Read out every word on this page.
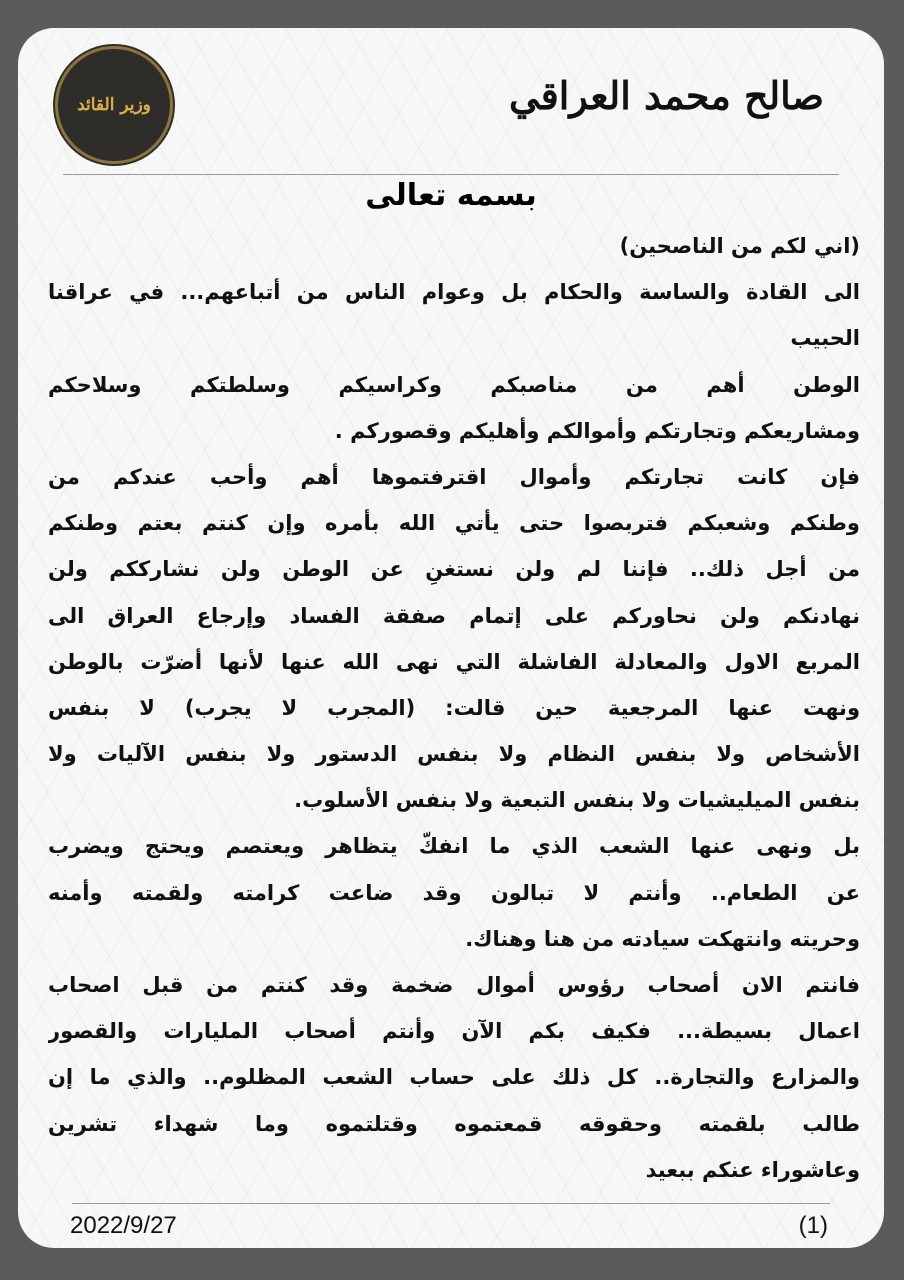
وزير القائد	صالح محمد العراقي
بسمه تعالى
(اني لكم من الناصحين)
الى القادة والساسة والحكام بل وعوام الناس من أتباعهم... في عراقنا
الحبيب
الوطن أهم من مناصبكم وكراسيكم وسلطتكم وسلاحكم
ومشاريعكم وتجارتكم وأموالكم وأهليكم وقصوركم .
فإن كانت تجارتكم وأموال اقترفتموها أهم وأحب عندكم من
وطنكم وشعبكم فتربصوا حتى يأتي الله بأمره وإن كنتم بعتم وطنكم
من أجل ذلك.. فإننا لم ولن نستغنِ عن الوطن ولن نشارككم ولن
نهادنكم ولن نحاوركم على إتمام صفقة الفساد وإرجاع العراق الى
المربع الاول والمعادلة الفاشلة التي نهى الله عنها لأنها أضرّت بالوطن
ونهت عنها المرجعية حين قالت: (المجرب لا يجرب) لا بنفس
الأشخاص ولا بنفس النظام ولا بنفس الدستور ولا بنفس الآليات ولا
بنفس الميليشيات ولا بنفس التبعية ولا بنفس الأسلوب.
بل ونهى عنها الشعب الذي ما انفكّ يتظاهر ويعتصم ويحتج ويضرب
عن الطعام.. وأنتم لا تبالون وقد ضاعت كرامته ولقمته وأمنه
وحريته وانتهكت سيادته من هنا وهناك.
فانتم الان أصحاب رؤوس أموال ضخمة وقد كنتم من قبل اصحاب
اعمال بسيطة... فكيف بكم الآن وأنتم أصحاب المليارات والقصور
والمزارع والتجارة.. كل ذلك على حساب الشعب المظلوم.. والذي ما إن
طالب بلقمته وحقوقه قمعتموه وقتلتموه وما شهداء تشرين
وعاشوراء عنكم ببعيد
2022/9/27	(1)
